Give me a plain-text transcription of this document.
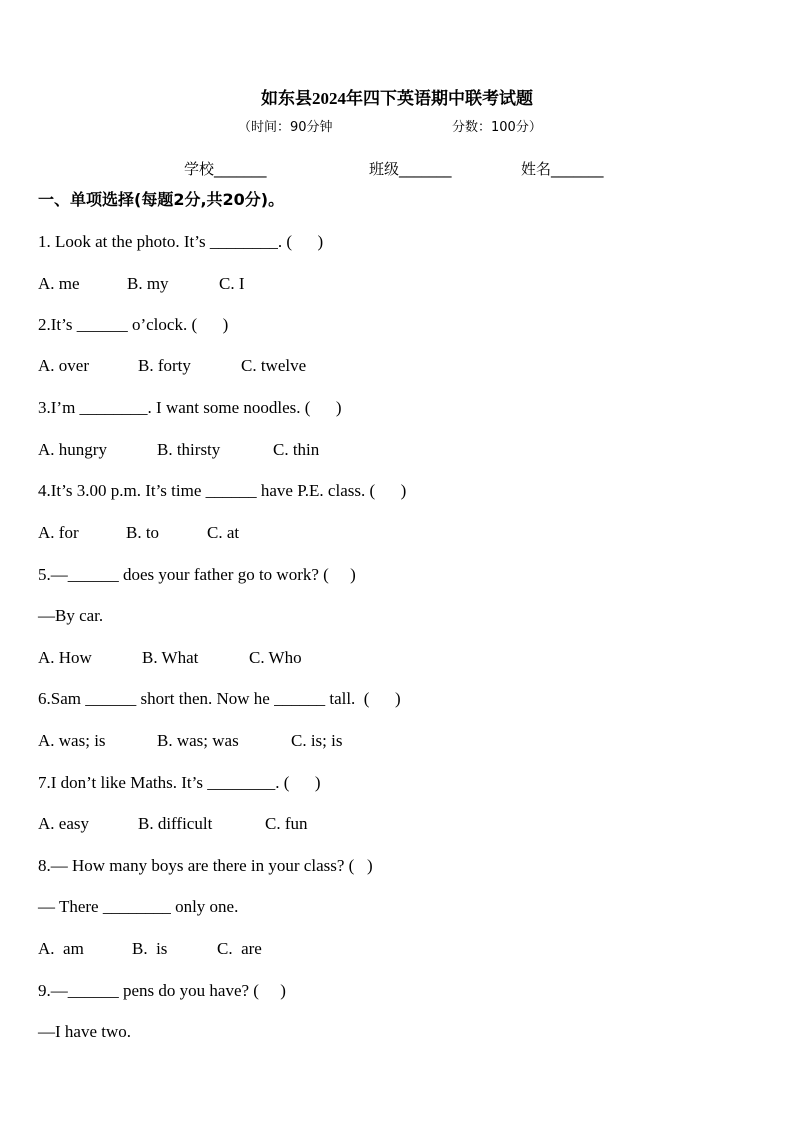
如东县2024年四下英语期中联考试题
（时间：90分钟	分数：100分）
学校_______	班级_______	姓名_______
一、单项选择(每题2分,共20分)。
1. Look at the photo. It’s ________. (      )
A. me	B. my	C. I
2.It’s ______ o’clock. (      )
A. over	B. forty	C. twelve
3.I’m ________. I want some noodles. (      )
A. hungry	B. thirsty	C. thin
4.It’s 3.00 p.m. It’s time ______ have P.E. class. (      )
A. for	B. to	C. at
5.—______ does your father go to work? (     )
—By car.
A. How	B. What	C. Who
6.Sam ______ short then. Now he ______ tall.  (      )
A. was; is	B. was; was	C. is; is
7.I don’t like Maths. It’s ________. (      )
A. easy	B. difficult	C. fun
8.— How many boys are there in your class? (   )
— There ________ only one.
A.  am	B.  is	C.  are
9.—______ pens do you have? (     )
—I have two.
